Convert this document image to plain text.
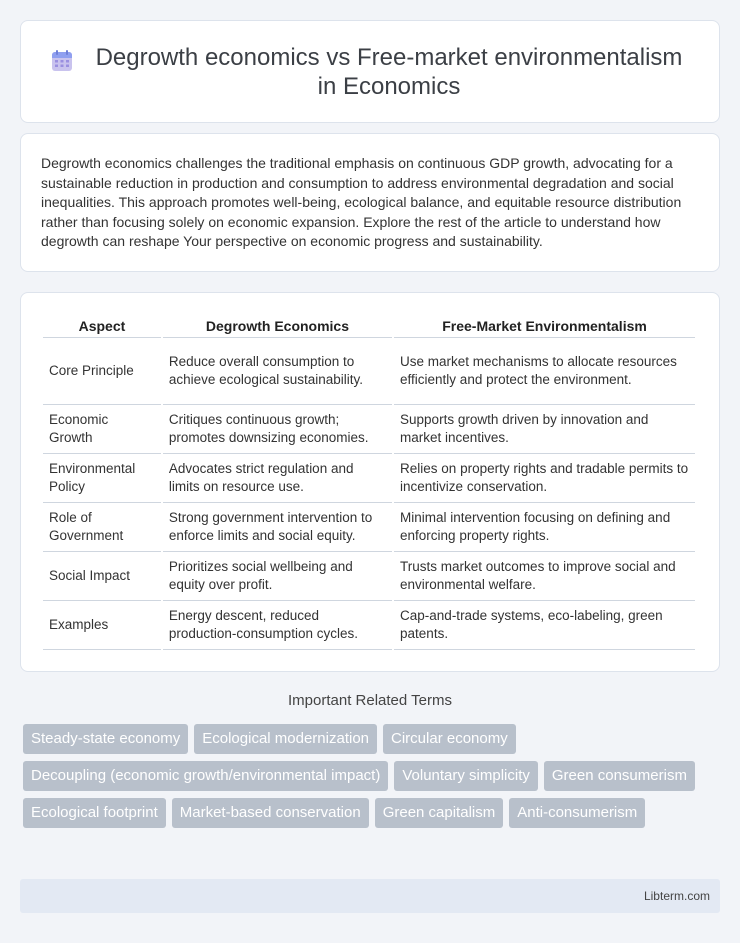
Degrowth economics vs Free-market environmentalism in Economics

Degrowth economics challenges the traditional emphasis on continuous GDP growth, advocating for a sustainable reduction in production and consumption to address environmental degradation and social inequalities. This approach promotes well-being, ecological balance, and equitable resource distribution rather than focusing solely on economic expansion. Explore the rest of the article to understand how degrowth can reshape Your perspective on economic progress and sustainability.

Aspect	Degrowth Economics	Free-Market Environmentalism
Core Principle	Reduce overall consumption to achieve ecological sustainability.	Use market mechanisms to allocate resources efficiently and protect the environment.
Economic Growth	Critiques continuous growth; promotes downsizing economies.	Supports growth driven by innovation and market incentives.
Environmental Policy	Advocates strict regulation and limits on resource use.	Relies on property rights and tradable permits to incentivize conservation.
Role of Government	Strong government intervention to enforce limits and social equity.	Minimal intervention focusing on defining and enforcing property rights.
Social Impact	Prioritizes social wellbeing and equity over profit.	Trusts market outcomes to improve social and environmental welfare.
Examples	Energy descent, reduced production-consumption cycles.	Cap-and-trade systems, eco-labeling, green patents.
Important Related Terms
Steady-state economy	Ecological modernization	Circular economy
Decoupling (economic growth/environmental impact)	Voluntary simplicity	Green consumerism
Ecological footprint	Market-based conservation	Green capitalism	Anti-consumerism
Libterm.com
